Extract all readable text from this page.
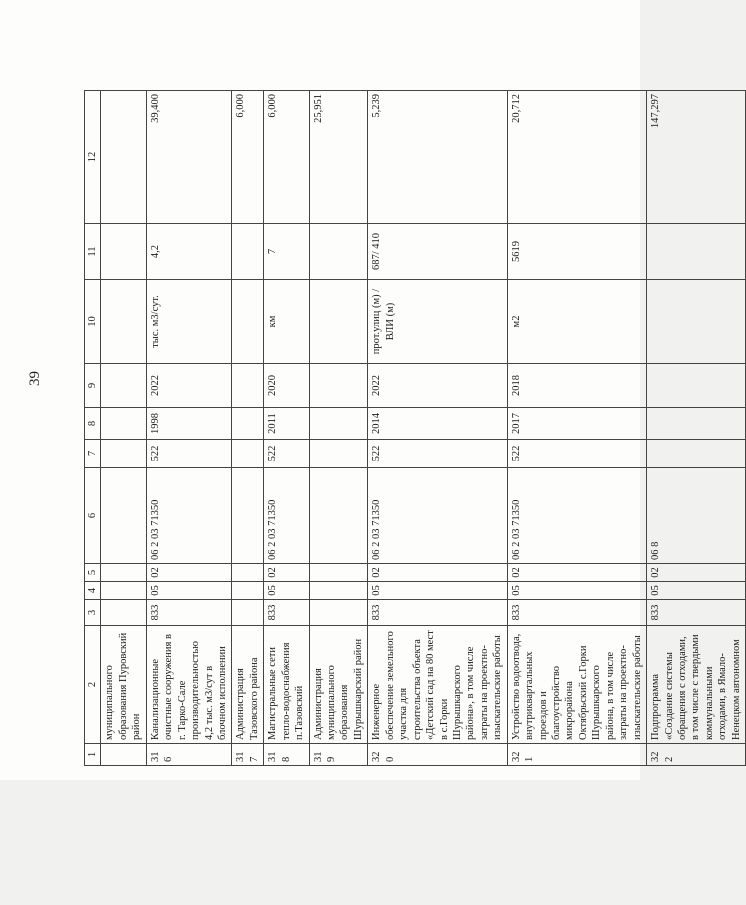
39
1	2	3	4	5	6	7	8	9	10	11	12
	муниципального образования Пуровский район										
316	Канализационные очистные сооружения в г. Тарко-Сале производительностью 4,2 тыс. м3/сут в блочном исполнении	833	05	02	06 2 03 71350	522	1998	2022	тыс. м3/сут.	4,2	39,400
317	Администрация Тазовского района										6,000
318	Магистральные сети тепло-водоснабжения п.Тазовский	833	05	02	06 2 03 71350	522	2011	2020	км	7	6,000
319	Администрация муниципального образования Шурышкарский район										25,951
320	Инженерное обеспечение земельного участка для строительства объекта «Детский сад на 80 мест в с.Горки Шурышкарского района», в том числе затраты на проектно-изыскательские работы	833	05	02	06 2 03 71350	522	2014	2022	прот.улиц (м) /ВЛИ (м)	687/ 410	5,239
321	Устройство водоотвода, внутриквартальных проездов и благоустройство микрорайона Октябрьский с.Горки Шурышкарского района, в том числе затраты на проектно-изыскательские работы	833	05	02	06 2 03 71350	522	2017	2018	м2	5619	20,712
322	Подпрограмма «Создание системы обращения с отходами, в том числе с твердыми коммунальными отходами, в Ямало-Ненецком автономном	833	05	02	06 8						147,297
